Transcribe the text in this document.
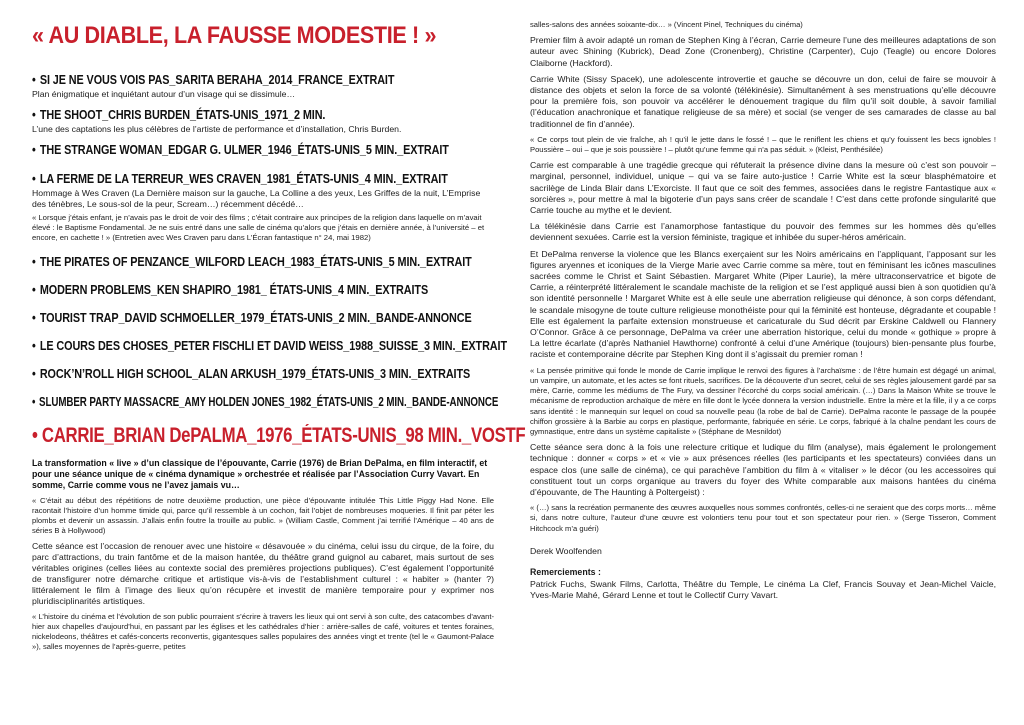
« AU DIABLE, LA FAUSSE MODESTIE ! »
• SI JE NE VOUS VOIS PAS_SARITA BERAHA_2014_FRANCE_EXTRAIT
Plan énigmatique et inquiétant autour d’un visage qui se dissimule…
• THE SHOOT_CHRIS BURDEN_ÉTATS-UNIS_1971_2 MIN.
L’une des captations les plus célèbres de l’artiste de performance et d’installation, Chris Burden.
• THE STRANGE WOMAN_EDGAR G. ULMER_1946_ÉTATS-UNIS_5 MIN._EXTRAIT
• LA FERME DE LA TERREUR_WES CRAVEN_1981_ÉTATS-UNIS_4 MIN._EXTRAIT
Hommage à Wes Craven (La Dernière maison sur la gauche, La Colline a des yeux, Les Griffes de la nuit, L’Emprise des ténèbres, Le sous-sol de la peur, Scream…) récemment décédé…
« Lorsque j’étais enfant, je n’avais pas le droit de voir des films ; c’était contraire aux principes de la religion dans laquelle on m’avait élevé : le Baptisme Fondamental. Je ne suis entré dans une salle de cinéma qu’alors que j’étais en dernière année, à l’université – et encore, en cachette ! » (Entretien avec Wes Craven paru dans L’Écran fantastique n° 24, mai 1982)
• THE PIRATES OF PENZANCE_WILFORD LEACH_1983_ÉTATS-UNIS_5 MIN._EXTRAIT
• MODERN PROBLEMS_KEN SHAPIRO_1981_ ÉTATS-UNIS_4 MIN._EXTRAITS
• TOURIST TRAP_DAVID SCHMOELLER_1979_ÉTATS-UNIS_2 MIN._BANDE-ANNONCE
• LE COURS DES CHOSES_PETER FISCHLI ET DAVID WEISS_1988_SUISSE_3 MIN._EXTRAIT
• ROCK’N’ROLL HIGH SCHOOL_ALAN ARKUSH_1979_ÉTATS-UNIS_3 MIN._EXTRAITS
• SLUMBER PARTY MASSACRE_AMY HOLDEN JONES_1982_ÉTATS-UNIS_2 MIN._BANDE-ANNONCE
• CARRIE_BRIAN DePALMA_1976_ÉTATS-UNIS_98 MIN._VOSTF
La transformation « live » d’un classique de l’épouvante, Carrie (1976) de Brian DePalma, en film interactif, et pour une séance unique de « cinéma dynamique » orchestrée et réalisée par l’Association Curry Vavart. En somme, Carrie comme vous ne l’avez jamais vu…
« C’était au début des répétitions de notre deuxième production, une pièce d’épouvante intitulée This Little Piggy Had None. Elle racontait l’histoire d’un homme timide qui, parce qu’il ressemble à un cochon, fait l’objet de nombreuses moqueries. Il finit par péter les plombs et devenir un assassin. J’allais enfin foutre la trouille au public. » (William Castle, Comment j’ai terrifié l’Amérique – 40 ans de séries B à Hollywood)
Cette séance est l’occasion de renouer avec une histoire « désavouée » du cinéma, celui issu du cirque, de la foire, du parc d’attractions, du train fantôme et de la maison hantée, du théâtre grand guignol au cabaret, mais surtout de ses véritables origines (celles liées au contexte social des premières projections publiques). C’est également l’opportunité de transfigurer notre démarche critique et artistique vis-à-vis de l’establishment culturel : « habiter » (hanter ?) littéralement le film à l’image des lieux qu’on récupère et investit de manière temporaire pour y exprimer nos pluridisciplinarités artistiques.
« L’histoire du cinéma et l’évolution de son public pourraient s’écrire à travers les lieux qui ont servi à son culte, des catacombes d’avant-hier aux chapelles d’aujourd’hui, en passant par les églises et les cathédrales d’hier : arrière-salles de café, voitures et tentes foraines, nickelodeons, théâtres et cafés-concerts reconvertis, gigantesques salles populaires des années vingt et trente (tel le « Gaumont-Palace »), salles moyennes de l’après-guerre, petites
salles-salons des années soixante-dix… » (Vincent Pinel, Techniques du cinéma)
Premier film à avoir adapté un roman de Stephen King à l’écran, Carrie demeure l’une des meilleures adaptations de son auteur avec Shining (Kubrick), Dead Zone (Cronenberg), Christine (Carpenter), Cujo (Teagle) ou encore Dolores Claiborne (Hackford).
Carrie White (Sissy Spacek), une adolescente introvertie et gauche se découvre un don, celui de faire se mouvoir à distance des objets et selon la force de sa volonté (télékinésie). Simultanément à ses menstruations qu’elle découvre pour la première fois, son pouvoir va accélérer le dénouement tragique du film qu’il soit double, à savoir familial (l’éducation anachronique et fanatique religieuse de sa mère) et social (se venger de ses camarades de classe au bal traditionnel de fin d’année).
« Ce corps tout plein de vie fraîche, ah ! qu’il le jette dans le fossé ! – que le reniflent les chiens et qu’y fouissent les becs ignobles ! Poussière – oui – que je sois poussière ! – plutôt qu’une femme qui n’a pas séduit. » (Kleist, Penthésilée)
Carrie est comparable à une tragédie grecque qui réfuterait la présence divine dans la mesure où c’est son pouvoir – marginal, personnel, individuel, unique – qui va se faire auto-justice ! Carrie White est la sœur blasphématoire et sacrilège de Linda Blair dans L’Exorciste. Il faut que ce soit des femmes, associées dans le registre Fantastique aux « sorcières », pour mettre à mal la bigoterie d’un pays sans créer de scandale ! C’est dans cette profonde singularité que Carrie touche au mythe et le devient.
La télékinésie dans Carrie est l’anamorphose fantastique du pouvoir des femmes sur les hommes dès qu’elles deviennent sexuées. Carrie est la version féministe, tragique et inhibée du super-héros américain.
Et DePalma renverse la violence que les Blancs exerçaient sur les Noirs américains en l’appliquant, l’apposant sur les figures aryennes et iconiques de la Vierge Marie avec Carrie comme sa mère, tout en féminisant les icônes masculines sacrées comme le Christ et Saint Sébastien. Margaret White (Piper Laurie), la mère ultraconservatrice et bigote de Carrie, a réinterprété littéralement le scandale machiste de la religion et se l’est appliqué aussi bien à son quotidien qu’à son identité personnelle ! Margaret White est à elle seule une aberration religieuse qui dénonce, à son corps défendant, le scandale misogyne de toute culture religieuse monothéiste pour qui la féminité est honteuse, dégradante et coupable ! Elle est également la parfaite extension monstrueuse et caricaturale du Sud décrit par Erskine Caldwell ou Flannery O’Connor. Grâce à ce personnage, DePalma va créer une aberration historique, celui du monde « gothique » propre à La lettre écarlate (d’après Nathaniel Hawthorne) confronté à celui d’une Amérique (toujours) bien-pensante plus fourbe, raciste et contemporaine décrite par Stephen King dont il s’agissait du premier roman !
« La pensée primitive qui fonde le monde de Carrie implique le renvoi des figures à l’archaïsme : de l’être humain est dégagé un animal, un vampire, un automate, et les actes se font rituels, sacrifices. De la découverte d’un secret, celui de ses règles jalousement gardé par sa mère, Carrie, comme les médiums de The Fury, va dessiner l’écorché du corps social américain. (…) Dans la Maison White se trouve le mécanisme de reproduction archaïque de mère en fille dont le lycée donnera la version industrielle. Entre la mère et la fille, il y a ce corps sans identité : le mannequin sur lequel on coud sa nouvelle peau (la robe de bal de Carrie). DePalma raconte le passage de la poupée chiffon grossière à la Barbie au corps en plastique, performante, fabriquée en série. Le corps, fabriqué à la chaîne pendant les cours de gymnastique, entre dans un système capitaliste » (Stéphane de Mesnildot)
Cette séance sera donc à la fois une relecture critique et ludique du film (analyse), mais également le prolongement technique : donner « corps » et « vie » aux présences réelles (les participants et les spectateurs) conviées dans un espace clos (une salle de cinéma), ce qui parachève l’ambition du film à « vitaliser » le décor (ou les accessoires qui constituent tout un corps organique au travers du foyer des White comparable aux maisons hantées du cinéma d’épouvante, de The Haunting à Poltergeist) :
« (…) sans la recréation permanente des œuvres auxquelles nous sommes confrontés, celles-ci ne seraient que des corps morts… même si, dans notre culture, l’auteur d’une œuvre est volontiers tenu pour tout et son spectateur pour rien. » (Serge Tisseron, Comment Hitchcock m’a guéri)
Derek Woolfenden
Remerciements :
Patrick Fuchs, Swank Films, Carlotta, Théâtre du Temple, Le cinéma La Clef, Francis Souvay et Jean-Michel Vaicle, Yves-Marie Mahé, Gérard Lenne et tout le Collectif Curry Vavart.
